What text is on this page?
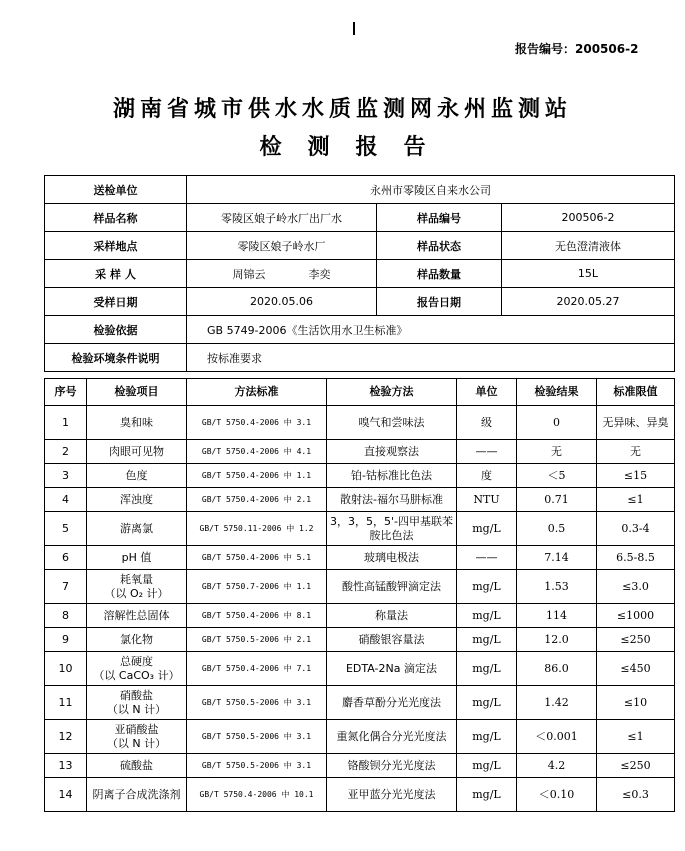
报告编号：200506-2
湖南省城市供水水质监测网永州监测站
检测报告
送检单位	永州市零陵区自来水公司		
样品名称	零陵区娘子岭水厂出厂水	样品编号	200506-2
采样地点	零陵区娘子岭水厂	样品状态	无色澄清液体
采 样 人	周锦云 李奕	样品数量	15L
受样日期	2020.05.06	报告日期	2020.05.27
检验依据	GB 5749-2006《生活饮用水卫生标准》		
检验环境条件说明	按标准要求		
序号	检验项目	方法标准	检验方法	单位	检验结果	标准限值
1	臭和味	GB/T 5750.4-2006 中 3.1	嗅气和尝味法	级	0	无异味、异臭
2	肉眼可见物	GB/T 5750.4-2006 中 4.1	直接观察法	——	无	无
3	色度	GB/T 5750.4-2006 中 1.1	铂-钴标准比色法	度	＜5	≤15
4	浑浊度	GB/T 5750.4-2006 中 2.1	散射法-福尔马肼标准	NTU	0.71	≤1
5	游离氯	GB/T 5750.11-2006 中 1.2	3，3，5，5'-四甲基联苯胺比色法	mg/L	0.5	0.3-4
6	pH 值	GB/T 5750.4-2006 中 5.1	玻璃电极法	——	7.14	6.5-8.5
7	耗氧量
（以 O₂ 计）	GB/T 5750.7-2006 中 1.1	酸性高锰酸钾滴定法	mg/L	1.53	≤3.0
8	溶解性总固体	GB/T 5750.4-2006 中 8.1	称量法	mg/L	114	≤1000
9	氯化物	GB/T 5750.5-2006 中 2.1	硝酸银容量法	mg/L	12.0	≤250
10	总硬度
（以 CaCO₃ 计）	GB/T 5750.4-2006 中 7.1	EDTA-2Na 滴定法	mg/L	86.0	≤450
11	硝酸盐
（以 N 计）	GB/T 5750.5-2006 中 3.1	麝香草酚分光光度法	mg/L	1.42	≤10
12	亚硝酸盐
（以 N 计）	GB/T 5750.5-2006 中 3.1	重氮化偶合分光光度法	mg/L	＜0.001	≤1
13	硫酸盐	GB/T 5750.5-2006 中 3.1	铬酸钡分光光度法	mg/L	4.2	≤250
14	阴离子合成洗涤剂	GB/T 5750.4-2006 中 10.1	亚甲蓝分光光度法	mg/L	＜0.10	≤0.3
